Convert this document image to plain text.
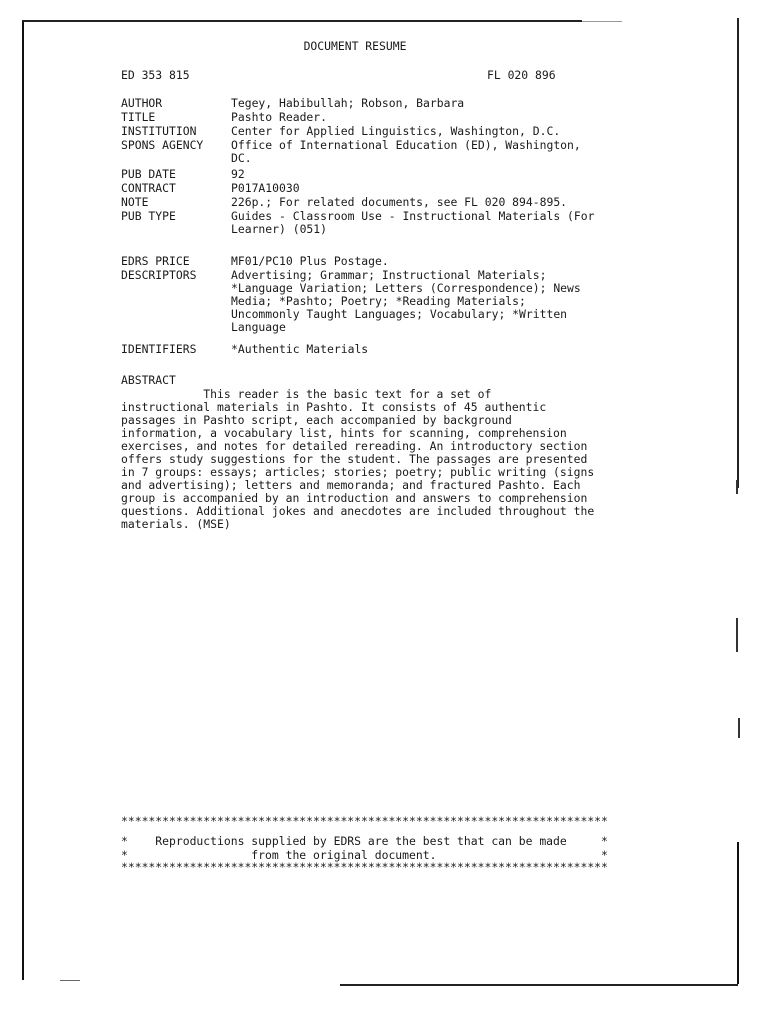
DOCUMENT RESUME
ED 353 815	FL 020 896
AUTHOR	Tegey, Habibullah; Robson, Barbara
TITLE	Pashto Reader.
INSTITUTION	Center for Applied Linguistics, Washington, D.C.
SPONS AGENCY	Office of International Education (ED), Washington,
DC.
PUB DATE	92
CONTRACT	P017A10030
NOTE	226p.; For related documents, see FL 020 894-895.
PUB TYPE	Guides - Classroom Use - Instructional Materials (For
Learner) (051)
EDRS PRICE	MF01/PC10 Plus Postage.
DESCRIPTORS	Advertising; Grammar; Instructional Materials;
*Language Variation; Letters (Correspondence); News
Media; *Pashto; Poetry; *Reading Materials;
Uncommonly Taught Languages; Vocabulary; *Written
Language
IDENTIFIERS	*Authentic Materials
ABSTRACT
This reader is the basic text for a set of
instructional materials in Pashto. It consists of 45 authentic
passages in Pashto script, each accompanied by background
information, a vocabulary list, hints for scanning, comprehension
exercises, and notes for detailed rereading. An introductory section
offers study suggestions for the student. The passages are presented
in 7 groups: essays; articles; stories; poetry; public writing (signs
and advertising); letters and memoranda; and fractured Pashto. Each
group is accompanied by an introduction and answers to comprehension
questions. Additional jokes and anecdotes are included throughout the
materials. (MSE)
***********************************************************************
*    Reproductions supplied by EDRS are the best that can be made     *
*                  from the original document.                        *
***********************************************************************
